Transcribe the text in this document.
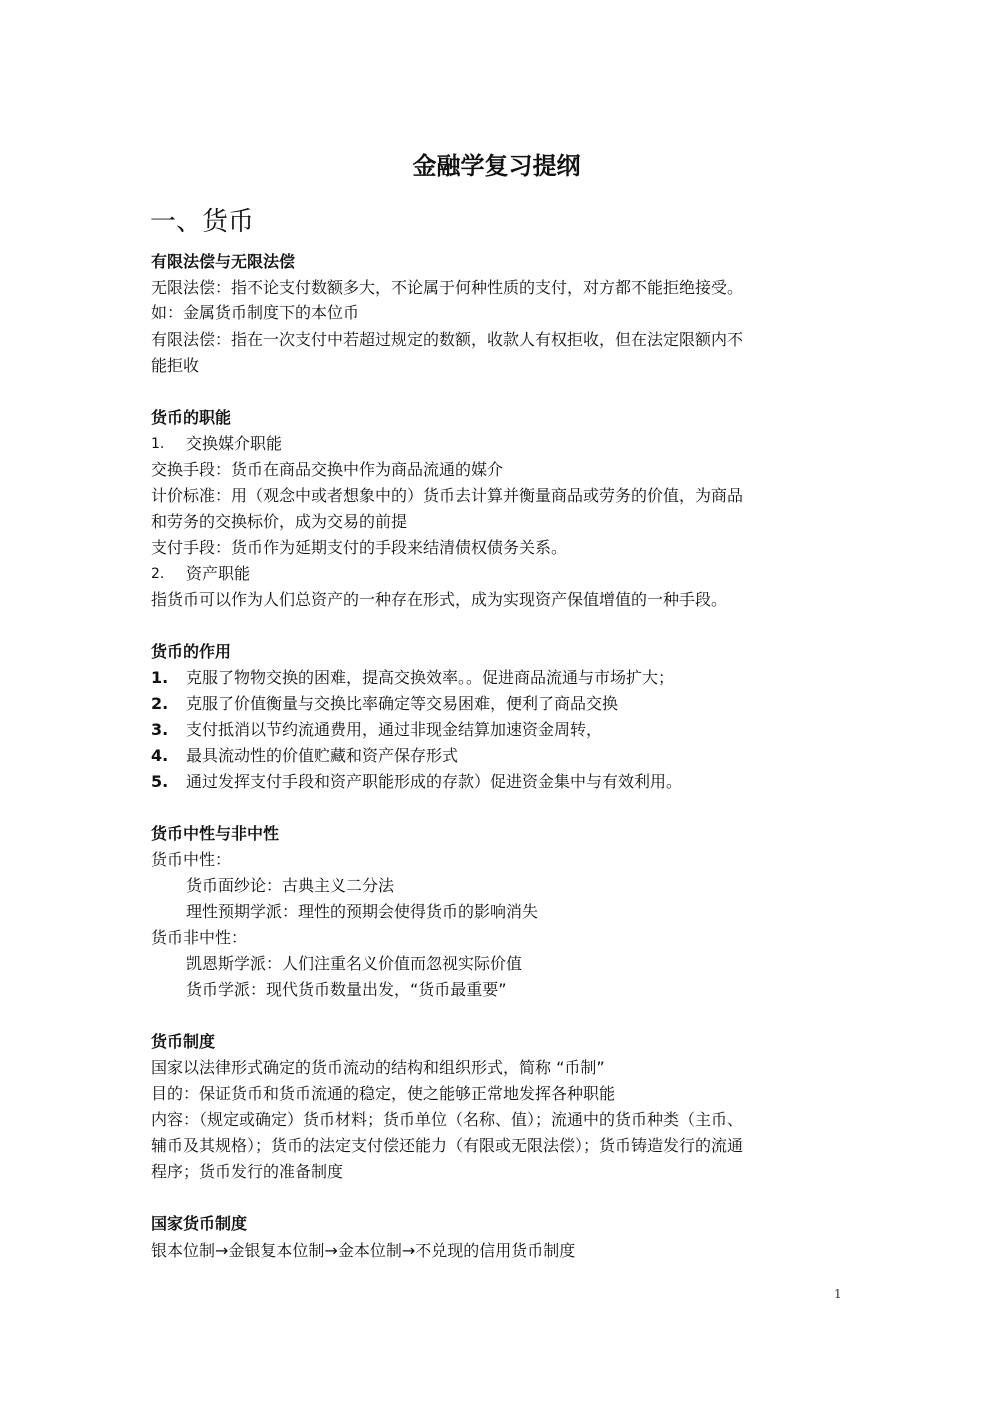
金融学复习提纲
一、货币
有限法偿与无限法偿
无限法偿：指不论支付数额多大，不论属于何种性质的支付，对方都不能拒绝接受。
如：金属货币制度下的本位币
有限法偿：指在一次支付中若超过规定的数额，收款人有权拒收，但在法定限额内不
能拒收
货币的职能
1. 交换媒介职能
交换手段：货币在商品交换中作为商品流通的媒介
计价标准：用（观念中或者想象中的）货币去计算并衡量商品或劳务的价值，为商品
和劳务的交换标价，成为交易的前提
支付手段：货币作为延期支付的手段来结清债权债务关系。
2. 资产职能
指货币可以作为人们总资产的一种存在形式，成为实现资产保值增值的一种手段。
货币的作用
1. 克服了物物交换的困难，提高交换效率。。促进商品流通与市场扩大；
2. 克服了价值衡量与交换比率确定等交易困难，便利了商品交换
3. 支付抵消以节约流通费用，通过非现金结算加速资金周转，
4. 最具流动性的价值贮藏和资产保存形式
5. 通过发挥支付手段和资产职能形成的存款）促进资金集中与有效利用。
货币中性与非中性
货币中性：
货币面纱论：古典主义二分法
理性预期学派：理性的预期会使得货币的影响消失
货币非中性：
凯恩斯学派：人们注重名义价值而忽视实际价值
货币学派：现代货币数量出发，“货币最重要”
货币制度
国家以法律形式确定的货币流动的结构和组织形式，简称 “币制”
目的：保证货币和货币流通的稳定，使之能够正常地发挥各种职能
内容：（规定或确定）货币材料；货币单位（名称、值）；流通中的货币种类（主币、
辅币及其规格）；货币的法定支付偿还能力（有限或无限法偿）；货币铸造发行的流通
程序；货币发行的准备制度
国家货币制度
银本位制→金银复本位制→金本位制→不兑现的信用货币制度
1
